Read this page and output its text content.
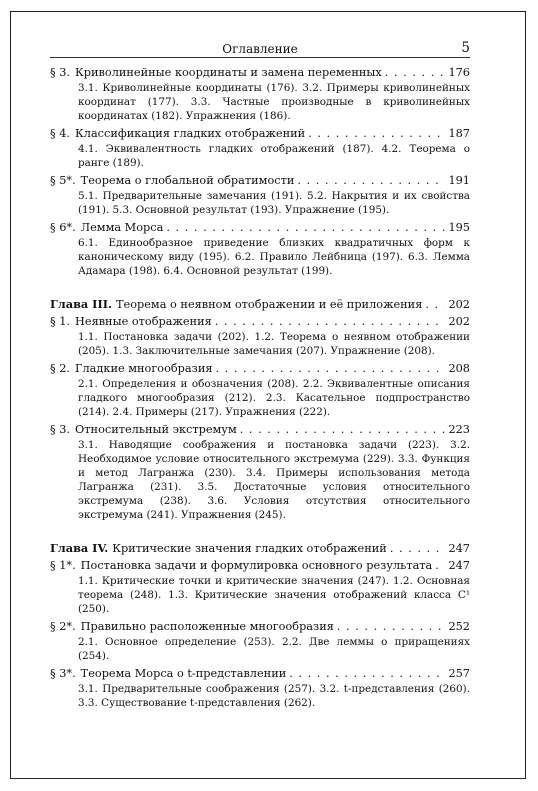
Оглавление	5
§ 3. Криволинейные координаты и замена переменных . . .	176
3.1. Криволинейные координаты (176). 3.2. Примеры криволинейных координат (177). 3.3. Частные производные в криволинейных координатах (182). Упражнения (186).
§ 4. Классификация гладких отображений . . .	187
4.1. Эквивалентность гладких отображений (187). 4.2. Теорема о ранге (189).
§ 5*. Теорема о глобальной обратимости . . .	191
5.1. Предварительные замечания (191). 5.2. Накрытия и их свойства (191). 5.3. Основной результат (193). Упражнение (195).
§ 6*. Лемма Морса . . .	195
6.1. Единообразное приведение близких квадратичных форм к каноническому виду (195). 6.2. Правило Лейбница (197). 6.3. Лемма Адамара (198). 6.4. Основной результат (199).
Глава III. Теорема о неявном отображении и её приложения . . . 202
§ 1. Неявные отображения . . .	202
1.1. Постановка задачи (202). 1.2. Теорема о неявном отображении (205). 1.3. Заключительные замечания (207). Упражнение (208).
§ 2. Гладкие многообразия . . .	208
2.1. Определения и обозначения (208). 2.2. Эквивалентные описания гладкого многообразия (212). 2.3. Касательное подпространство (214). 2.4. Примеры (217). Упражнения (222).
§ 3. Относительный экстремум . . .	223
3.1. Наводящие соображения и постановка задачи (223). 3.2. Необходимое условие относительного экстремума (229). 3.3. Функция и метод Лагранжа (230). 3.4. Примеры использования метода Лагранжа (231). 3.5. Достаточные условия относительного экстремума (238). 3.6. Условия отсутствия относительного экстремума (241). Упражнения (245).
Глава IV. Критические значения гладких отображений . . .	247
§ 1*. Постановка задачи и формулировка основного результата . . . 247
1.1. Критические точки и критические значения (247). 1.2. Основная теорема (248). 1.3. Критические значения отображений класса C¹ (250).
§ 2*. Правильно расположенные многообразия . . .	252
2.1. Основное определение (253). 2.2. Две леммы о приращениях (254).
§ 3*. Теорема Морса о t-представлении . . .	257
3.1. Предварительные соображения (257). 3.2. t-представления (260). 3.3. Существование t-представления (262).
